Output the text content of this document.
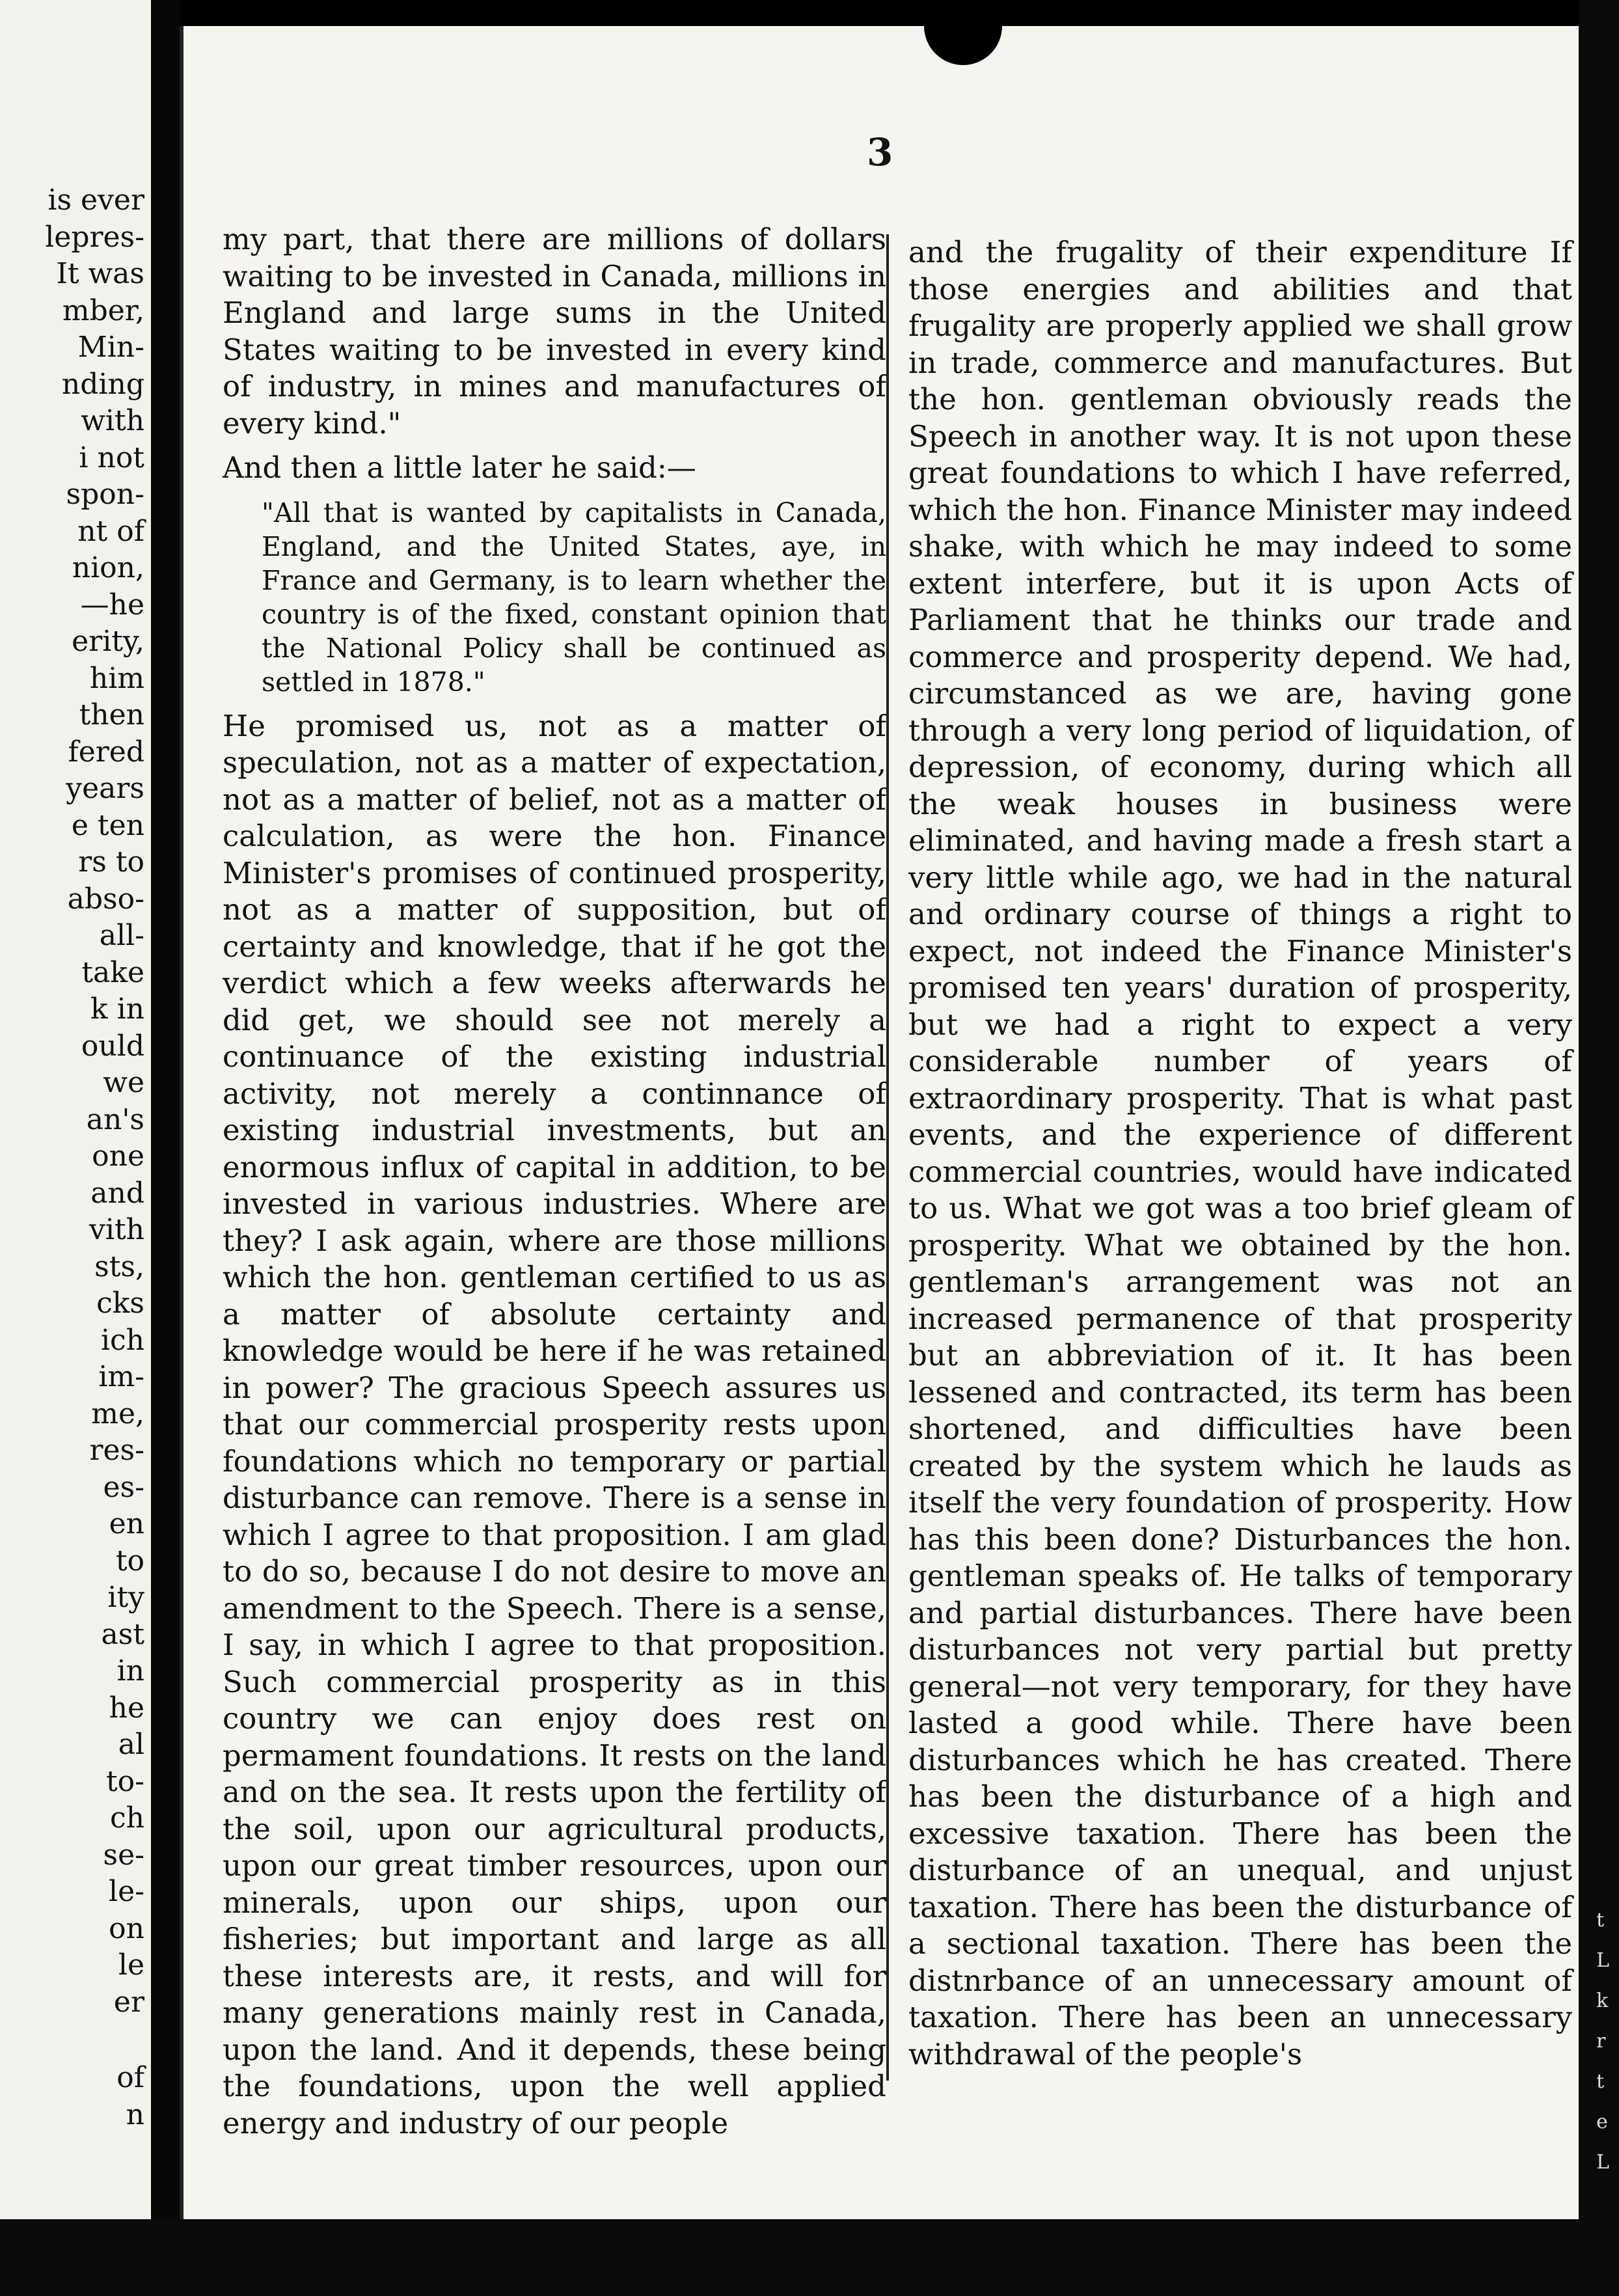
is ever
lepres-
It was
mber,
Min-
nding
with
i not
spon-
nt of
nion,
—he
erity,
him
then
fered
years
e ten
rs to
abso-
all-
take
k in
ould
we
an's
one
and
vith
sts,
cks
ich
im-
me,
res-
es-
en
to
ity
ast
in
he
al
to-
ch
se-
le-
on
le
er
of
n
3

my part, that there are millions of dollars waiting to be invested in Canada, millions in England and large sums in the United States waiting to be invested in every kind of industry, in mines and manufactures of every kind."

And then a little later he said:—

"All that is wanted by capitalists in Canada, England, and the United States, aye, in France and Germany, is to learn whether the country is of the fixed, constant opinion that the National Policy shall be continued as settled in 1878."

He promised us, not as a matter of speculation, not as a matter of expectation, not as a matter of belief, not as a matter of calculation, as were the hon. Finance Minister's promises of continued prosperity, not as a matter of supposition, but of certainty and knowledge, that if he got the verdict which a few weeks afterwards he did get, we should see not merely a continuance of the existing industrial activity, not merely a continnance of existing industrial investments, but an enormous influx of capital in addition, to be invested in various industries. Where are they? I ask again, where are those millions which the hon. gentleman certified to us as a matter of absolute certainty and knowledge would be here if he was retained in power? The gracious Speech assures us that our commercial prosperity rests upon foundations which no temporary or partial disturbance can remove. There is a sense in which I agree to that proposition. I am glad to do so, because I do not desire to move an amendment to the Speech. There is a sense, I say, in which I agree to that proposition. Such commercial prosperity as in this country we can enjoy does rest on permament foundations. It rests on the land and on the sea. It rests upon the fertility of the soil, upon our agricultural products, upon our great timber resources, upon our minerals, upon our ships, upon our fisheries; but important and large as all these interests are, it rests, and will for many generations mainly rest in Canada, upon the land. And it depends, these being the foundations, upon the well applied energy and industry of our people

and the frugality of their expenditure If those energies and abilities and that frugality are properly applied we shall grow in trade, commerce and manufactures. But the hon. gentleman obviously reads the Speech in another way. It is not upon these great foundations to which I have referred, which the hon. Finance Minister may indeed shake, with which he may indeed to some extent interfere, but it is upon Acts of Parliament that he thinks our trade and commerce and prosperity depend. We had, circumstanced as we are, having gone through a very long period of liquidation, of depression, of economy, during which all the weak houses in business were eliminated, and having made a fresh start a very little while ago, we had in the natural and ordinary course of things a right to expect, not indeed the Finance Minister's promised ten years' duration of prosperity, but we had a right to expect a very considerable number of years of extraordinary prosperity. That is what past events, and the experience of different commercial countries, would have indicated to us. What we got was a too brief gleam of prosperity. What we obtained by the hon. gentleman's arrangement was not an increased permanence of that prosperity but an abbreviation of it. It has been lessened and contracted, its term has been shortened, and difficulties have been created by the system which he lauds as itself the very foundation of prosperity. How has this been done? Disturbances the hon. gentleman speaks of. He talks of temporary and partial disturbances. There have been disturbances not very partial but pretty general—not very temporary, for they have lasted a good while. There have been disturbances which he has created. There has been the disturbance of a high and excessive taxation. There has been the disturbance of an unequal, and unjust taxation. There has been the disturbance of a sectional taxation. There has been the distnrbance of an unnecessary amount of taxation. There has been an unnecessary withdrawal of the people's

t
L
k
r
t
e
L
